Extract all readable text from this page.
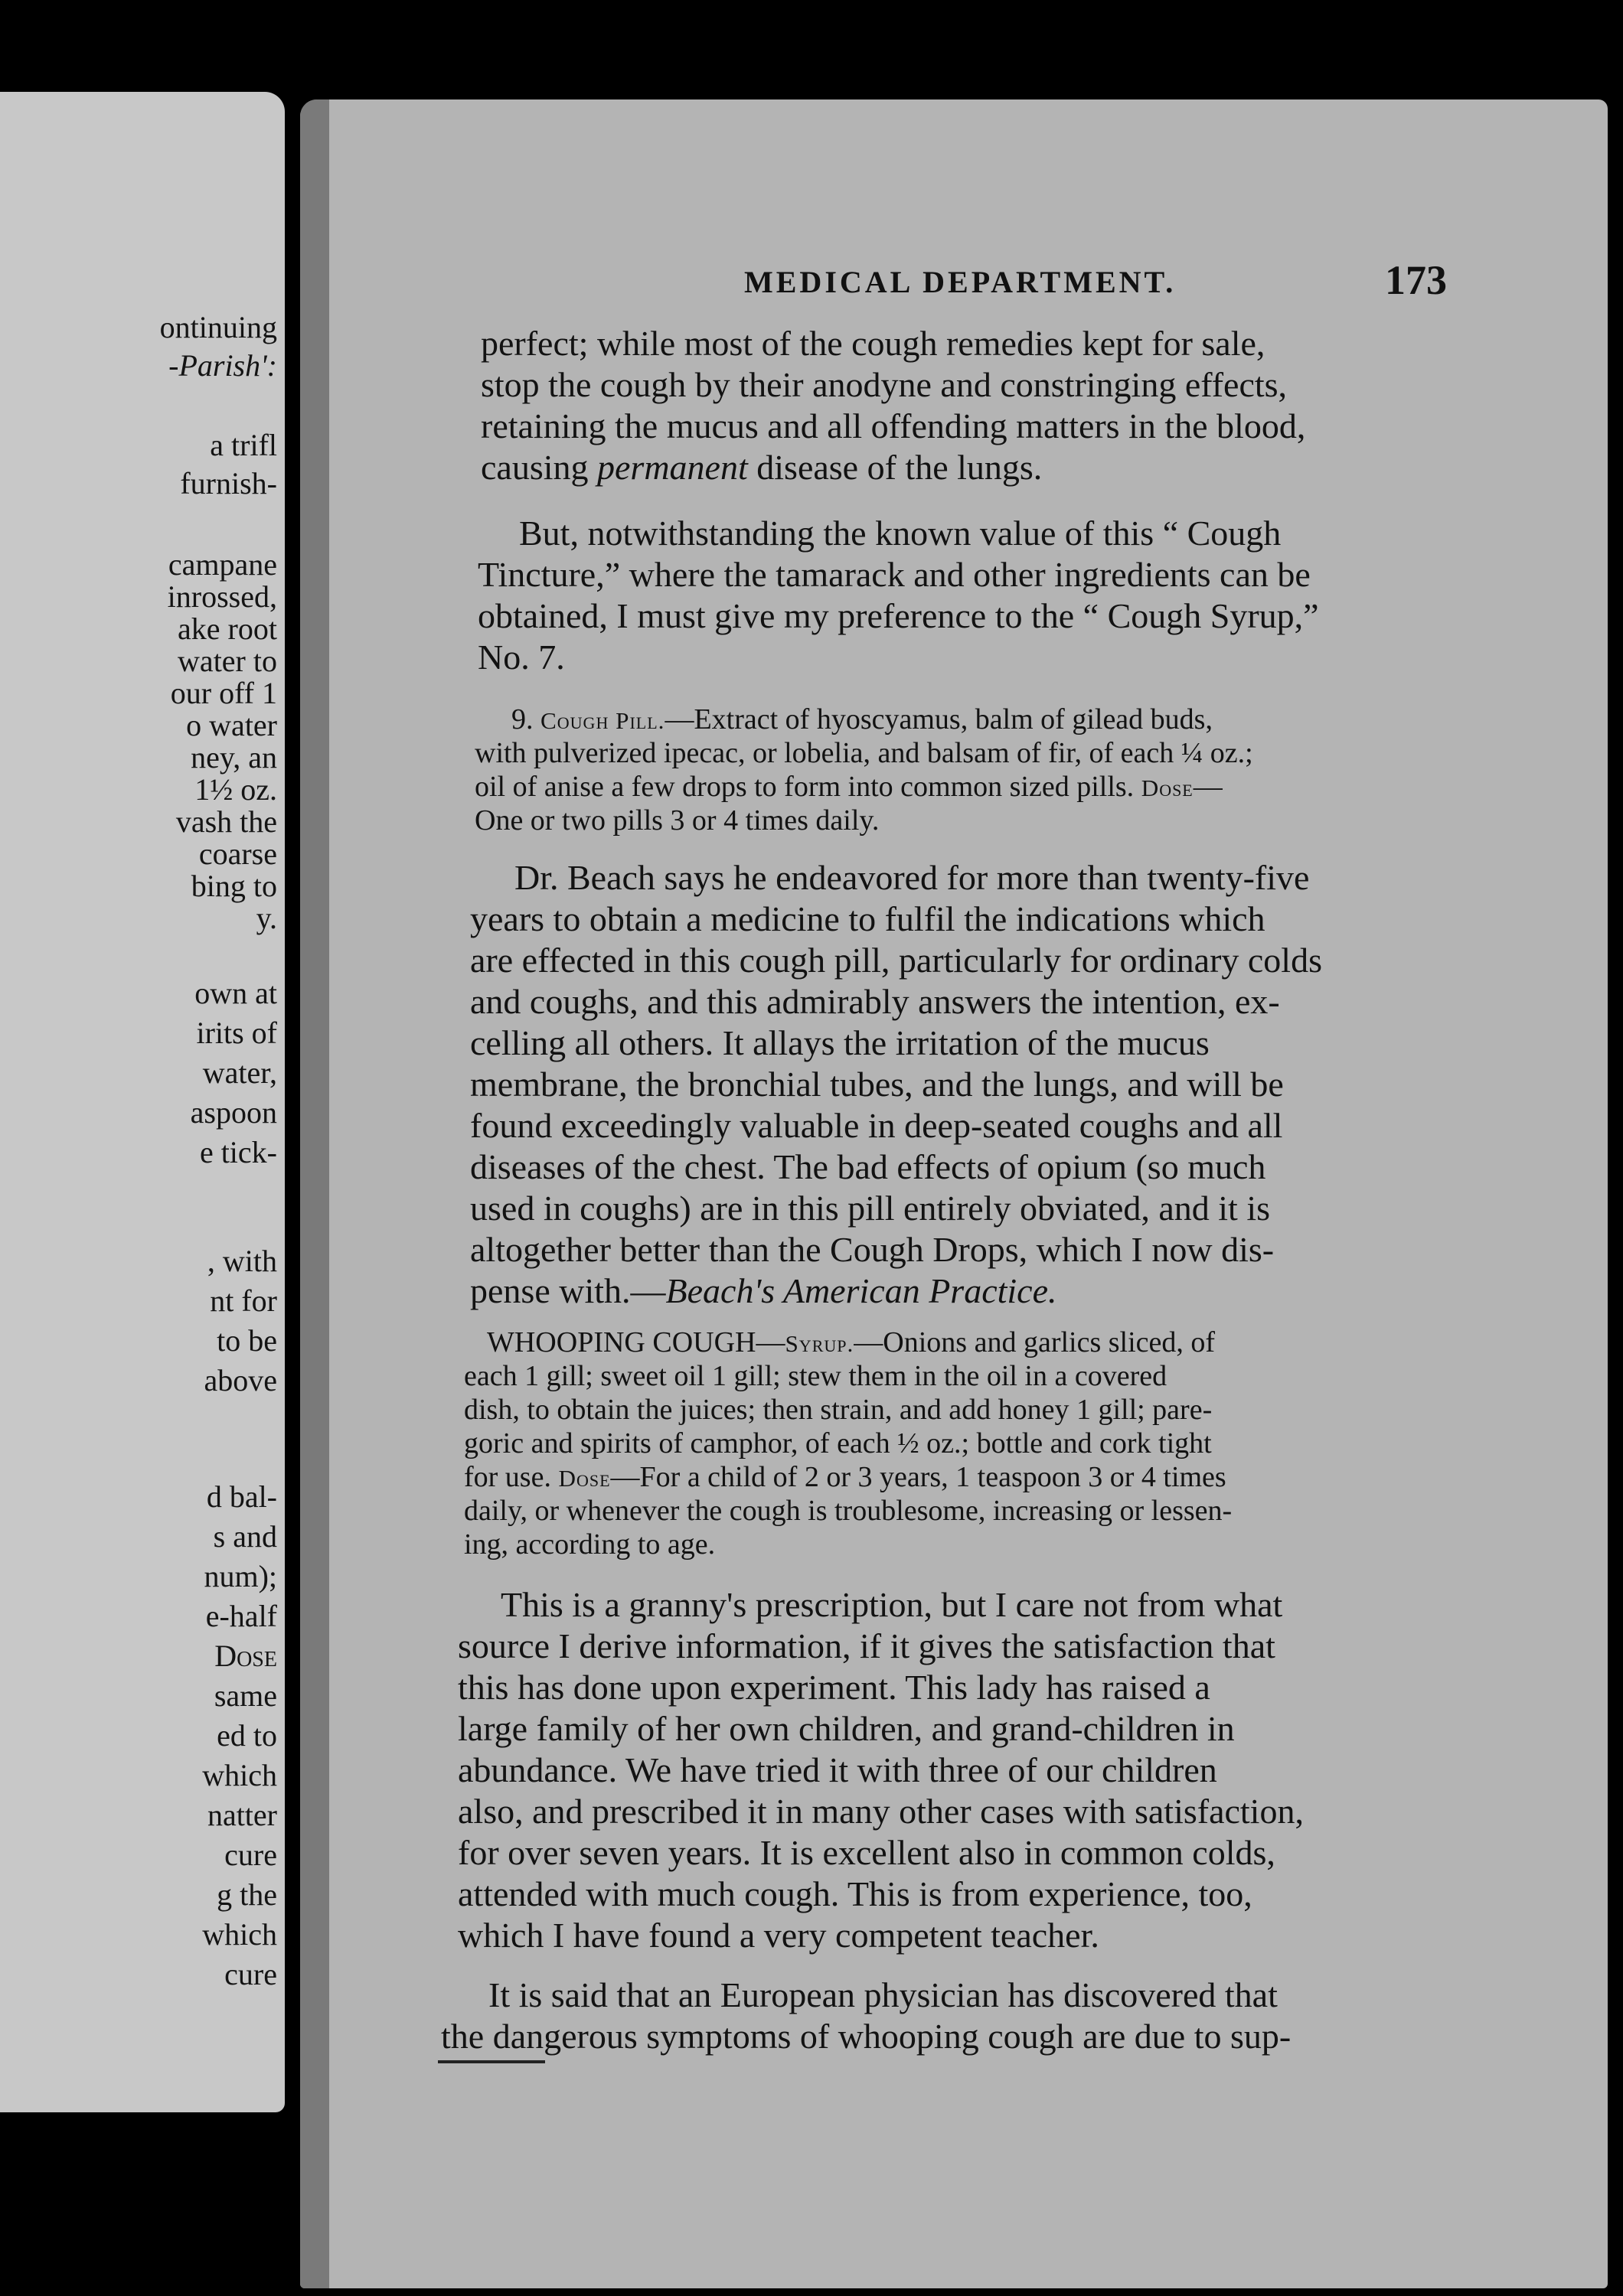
ontinuing
-Parish':
a trifl
furnish-
campane
inrossed,
ake root
water to
our off 1
o water
ney, an
1½ oz.
vash the
coarse
bing to
y.
own at
irits of
water,
aspoon
e tick-
, with
nt for
to be
above
d bal-
s and
num);
e-half
Dose
same
ed to
which
natter
cure
g the
which
cure
MEDICAL DEPARTMENT.	173
perfect; while most of the cough remedies kept for sale,
stop the cough by their anodyne and constringing effects,
retaining the mucus and all offending matters in the blood,
causing permanent disease of the lungs.
But, notwithstanding the known value of this “ Cough
Tincture,” where the tamarack and other ingredients can be
obtained, I must give my preference to the “ Cough Syrup,”
No. 7.
9. Cough Pill.—Extract of hyoscyamus, balm of gilead buds,
with pulverized ipecac, or lobelia, and balsam of fir, of each ¼ oz.;
oil of anise a few drops to form into common sized pills. Dose—
One or two pills 3 or 4 times daily.
Dr. Beach says he endeavored for more than twenty-five
years to obtain a medicine to fulfil the indications which
are effected in this cough pill, particularly for ordinary colds
and coughs, and this admirably answers the intention, ex-
celling all others. It allays the irritation of the mucus
membrane, the bronchial tubes, and the lungs, and will be
found exceedingly valuable in deep-seated coughs and all
diseases of the chest. The bad effects of opium (so much
used in coughs) are in this pill entirely obviated, and it is
altogether better than the Cough Drops, which I now dis-
pense with.—Beach's American Practice.
WHOOPING COUGH—Syrup.—Onions and garlics sliced, of
each 1 gill; sweet oil 1 gill; stew them in the oil in a covered
dish, to obtain the juices; then strain, and add honey 1 gill; pare-
goric and spirits of camphor, of each ½ oz.; bottle and cork tight
for use. Dose—For a child of 2 or 3 years, 1 teaspoon 3 or 4 times
daily, or whenever the cough is troublesome, increasing or lessen-
ing, according to age.
This is a granny's prescription, but I care not from what
source I derive information, if it gives the satisfaction that
this has done upon experiment. This lady has raised a
large family of her own children, and grand-children in
abundance. We have tried it with three of our children
also, and prescribed it in many other cases with satisfaction,
for over seven years. It is excellent also in common colds,
attended with much cough. This is from experience, too,
which I have found a very competent teacher.
It is said that an European physician has discovered that
the dangerous symptoms of whooping cough are due to sup-
